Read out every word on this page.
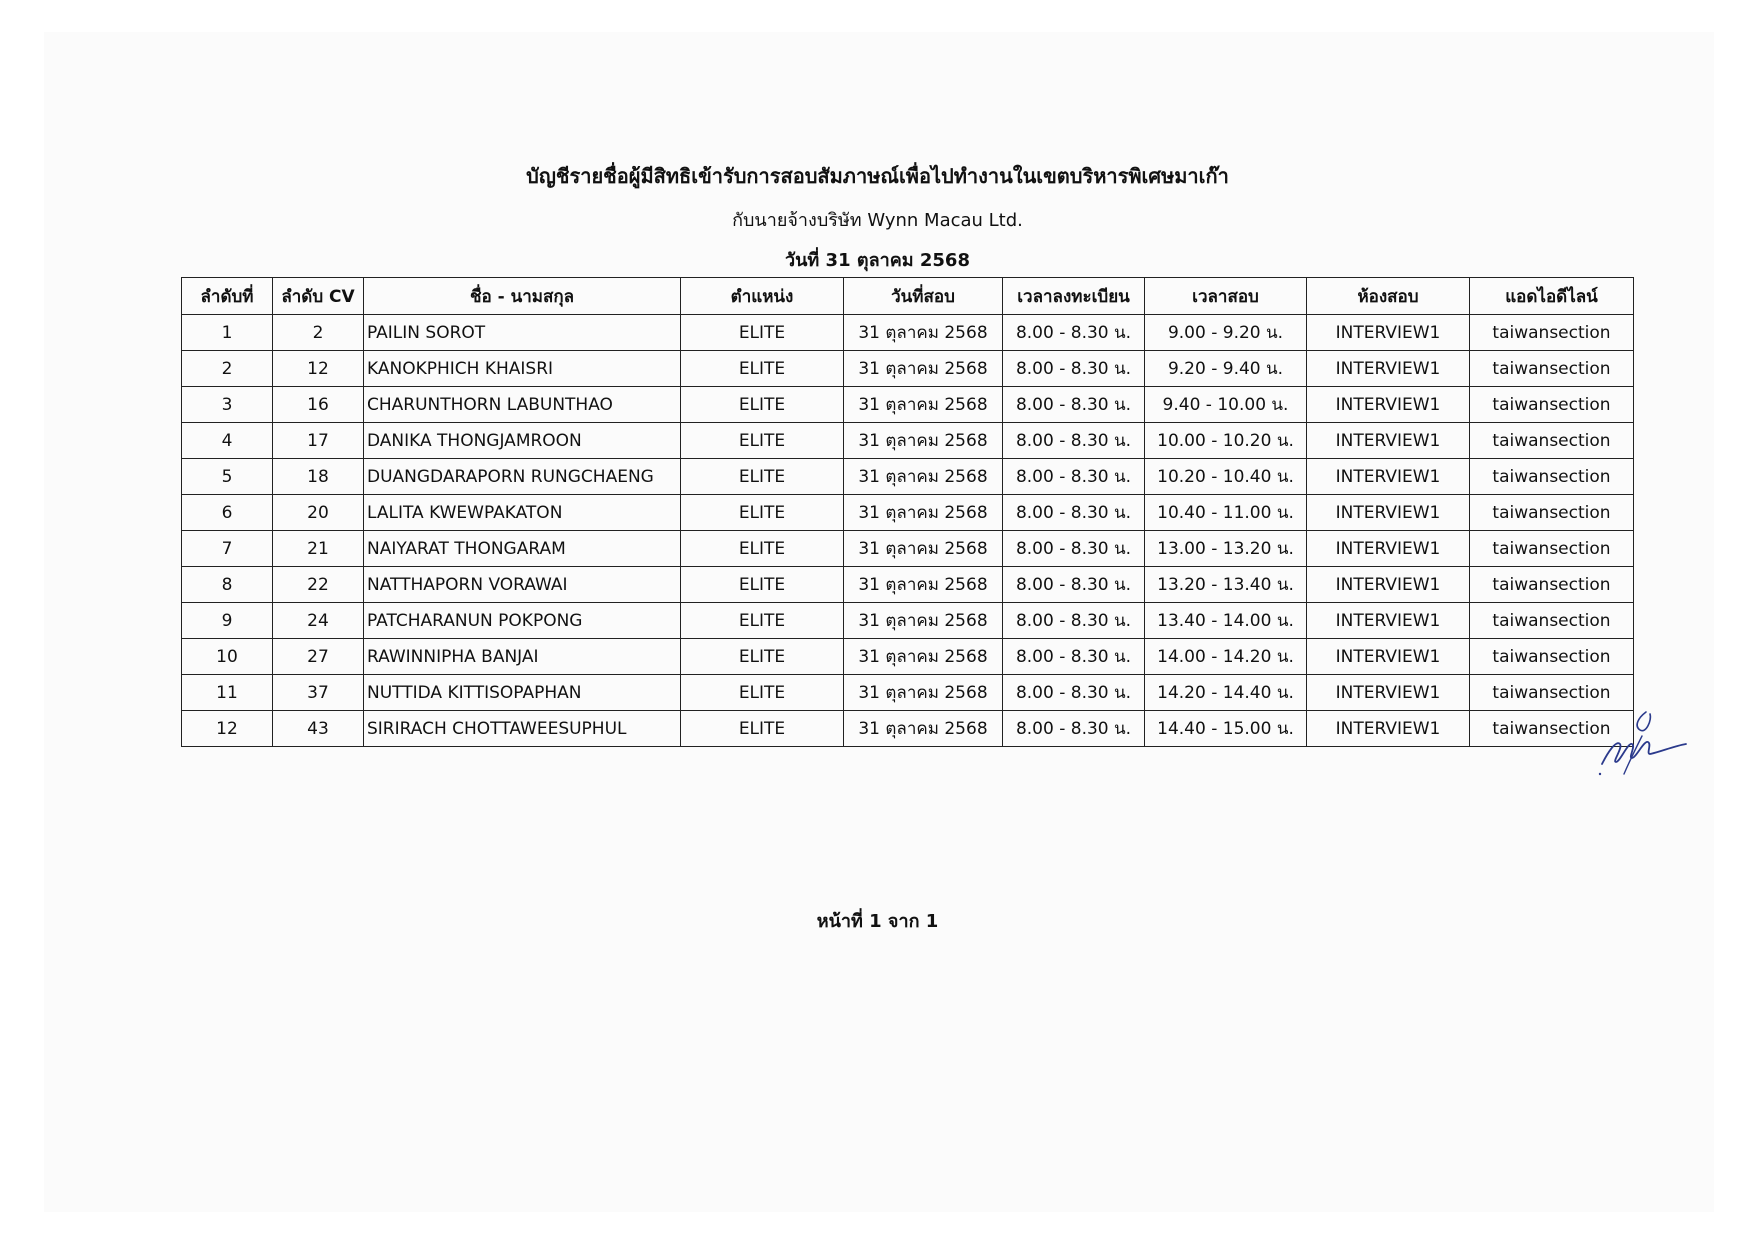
บัญชีรายชื่อผู้มีสิทธิเข้ารับการสอบสัมภาษณ์เพื่อไปทำงานในเขตบริหารพิเศษมาเก๊า
กับนายจ้างบริษัท Wynn Macau Ltd.
วันที่ 31 ตุลาคม 2568
ลำดับที่	ลำดับ CV	ชื่อ - นามสกุล	ตำแหน่ง	วันที่สอบ	เวลาลงทะเบียน	เวลาสอบ	ห้องสอบ	แอดไอดีไลน์
1	2	PAILIN SOROT	ELITE	31 ตุลาคม 2568	8.00 - 8.30 น.	9.00 - 9.20 น.	INTERVIEW1	taiwansection
2	12	KANOKPHICH KHAISRI	ELITE	31 ตุลาคม 2568	8.00 - 8.30 น.	9.20 - 9.40 น.	INTERVIEW1	taiwansection
3	16	CHARUNTHORN LABUNTHAO	ELITE	31 ตุลาคม 2568	8.00 - 8.30 น.	9.40 - 10.00 น.	INTERVIEW1	taiwansection
4	17	DANIKA THONGJAMROON	ELITE	31 ตุลาคม 2568	8.00 - 8.30 น.	10.00 - 10.20 น.	INTERVIEW1	taiwansection
5	18	DUANGDARAPORN RUNGCHAENG	ELITE	31 ตุลาคม 2568	8.00 - 8.30 น.	10.20 - 10.40 น.	INTERVIEW1	taiwansection
6	20	LALITA KWEWPAKATON	ELITE	31 ตุลาคม 2568	8.00 - 8.30 น.	10.40 - 11.00 น.	INTERVIEW1	taiwansection
7	21	NAIYARAT THONGARAM	ELITE	31 ตุลาคม 2568	8.00 - 8.30 น.	13.00 - 13.20 น.	INTERVIEW1	taiwansection
8	22	NATTHAPORN VORAWAI	ELITE	31 ตุลาคม 2568	8.00 - 8.30 น.	13.20 - 13.40 น.	INTERVIEW1	taiwansection
9	24	PATCHARANUN POKPONG	ELITE	31 ตุลาคม 2568	8.00 - 8.30 น.	13.40 - 14.00 น.	INTERVIEW1	taiwansection
10	27	RAWINNIPHA BANJAI	ELITE	31 ตุลาคม 2568	8.00 - 8.30 น.	14.00 - 14.20 น.	INTERVIEW1	taiwansection
11	37	NUTTIDA KITTISOPAPHAN	ELITE	31 ตุลาคม 2568	8.00 - 8.30 น.	14.20 - 14.40 น.	INTERVIEW1	taiwansection
12	43	SIRIRACH CHOTTAWEESUPHUL	ELITE	31 ตุลาคม 2568	8.00 - 8.30 น.	14.40 - 15.00 น.	INTERVIEW1	taiwansection
หน้าที่ 1 จาก 1
